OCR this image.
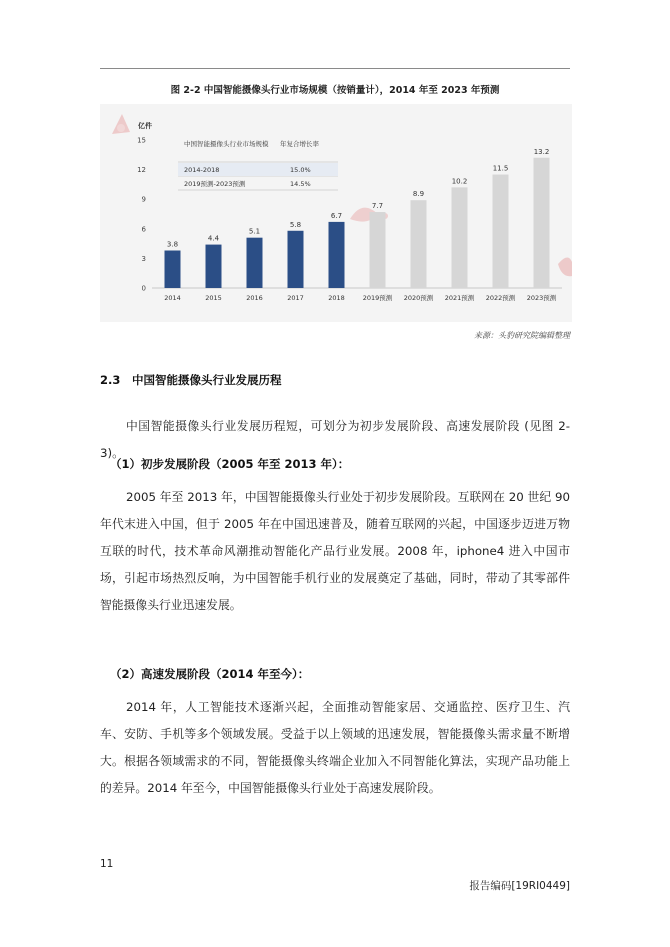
图 2-2 中国智能摄像头行业市场规模（按销量计），2014 年至 2023 年预测
亿件
0
3
6
9
12
15
3.8
2014
4.4
2015
5.1
2016
5.8
2017
6.7
2018
7.7
2019预测
8.9
2020预测
10.2
2021预测
11.5
2022预测
13.2
2023预测
中国智能摄像头行业市场规模 年复合增长率
2014-2018	15.0%
2019预测-2023预测	14.5%
来源：头豹研究院编辑整理
2.3 中国智能摄像头行业发展历程
中国智能摄像头行业发展历程短，可划分为初步发展阶段、高速发展阶段 (见图 2-3)。
（1）初步发展阶段（2005 年至 2013 年）：
2005 年至 2013 年，中国智能摄像头行业处于初步发展阶段。互联网在 20 世纪 90 年代末进入中国，但于 2005 年在中国迅速普及，随着互联网的兴起，中国逐步迈进万物互联的时代，技术革命风潮推动智能化产品行业发展。2008 年，iphone4 进入中国市场，引起市场热烈反响，为中国智能手机行业的发展奠定了基础，同时，带动了其零部件智能摄像头行业迅速发展。
（2）高速发展阶段（2014 年至今）：
2014 年，人工智能技术逐渐兴起，全面推动智能家居、交通监控、医疗卫生、汽车、安防、手机等多个领域发展。受益于以上领域的迅速发展，智能摄像头需求量不断增大。根据各领域需求的不同，智能摄像头终端企业加入不同智能化算法，实现产品功能上的差异。2014 年至今，中国智能摄像头行业处于高速发展阶段。
11
报告编码[19RI0449]
